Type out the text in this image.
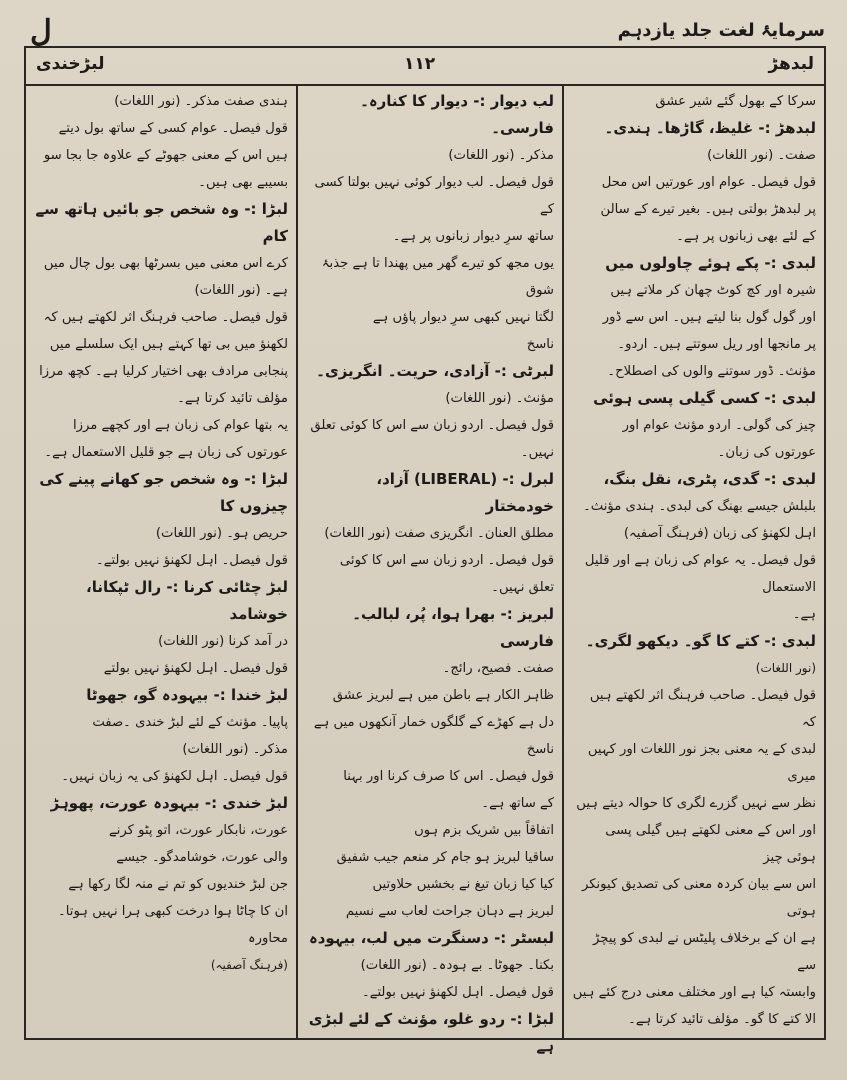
ل	سرمایۂ لغت جلد یازدہم
لبدھڑ
۱۱۲
لبڑخندی

سرکا کے بھول گئے شیر عشق

لبدھڑ :- غلیظ، گاڑھا۔ ہندی۔

صفت۔ (نور اللغات)

قول فیصل۔ عوام اور عورتیں اس محل

پر لبدھڑ بولتی ہیں۔ بغیر تیرے کے سالن

کے لئے بھی زبانوں پر ہے۔

لبدی :- پکے ہوئے چاولوں میں

شیرہ اور کچ کوٹ چھان کر ملاتے ہیں

اور گول گول بنا لیتے ہیں۔ اس سے ڈور

پر مانجھا اور ریل سوتتے ہیں۔ اردو۔

مؤنث۔ ڈور سوتنے والوں کی اصطلاح۔

لبدی :- کسی گیلی پسی ہوئی

چیز کی گولی۔ اردو مؤنث عوام اور

عورتوں کی زبان۔

لبدی :- گدی، پٹری، نقل بنگ،

بلبلش جیسے بھنگ کی لبدی۔ ہندی مؤنث۔

اہل لکھنؤ کی زبان (فرہنگ آصفیہ)

قول فیصل۔ یہ عوام کی زبان ہے اور قلیل الاستعمال

ہے۔

لبدی :- کتے کا گو۔ دیکھو لگری۔

(نور اللغات)

قول فیصل۔ صاحب فرہنگ اثر لکھتے ہیں کہ

لبدی کے یہ معنی بجز نور اللغات اور کہیں میری

نظر سے نہیں گزرے لگری کا حوالہ دیتے ہیں

اور اس کے معنی لکھتے ہیں گیلی پسی ہوئی چیز

اس سے بیان کردہ معنی کی تصدیق کیونکر ہوتی

ہے ان کے برخلاف پلیٹس نے لبدی کو پیچڑ سے

وابستہ کیا ہے اور مختلف معنی درج کئے ہیں

الا کتے کا گو۔ مؤلف تائید کرتا ہے۔

لب دیوار :- دیوار کا کنارہ۔ فارسی۔

مذکر۔ (نور اللغات)

قول فیصل۔ لب دیوار کوئی نہیں بولتا کسی کے

ساتھ سرِ دیوار زبانوں پر ہے۔

یوں مجھ کو تیرے گھر میں پھندا تا ہے جذبۂ شوق

لگتا نہیں کبھی سرِ دیوار پاؤں ہے

ناسخ

لبرٹی :- آزادی، حریت۔ انگریزی۔

مؤنث۔ (نور اللغات)

قول فیصل۔ اردو زبان سے اس کا کوئی تعلق

نہیں۔

لبرل :- (LIBERAL) آزاد، خودمختار

مطلق العنان۔ انگریزی صفت (نور اللغات)

قول فیصل۔ اردو زبان سے اس کا کوئی

تعلق نہیں۔

لبریز :- بھرا ہوا، پُر، لبالب۔ فارسی

صفت۔ فصیح، رائج۔

ظاہر الکار ہے باطن میں ہے لبریز عشق

دل ہے کھڑے کے گلگوں خمار آنکھوں میں ہے ناسخ

قول فیصل۔ اس کا صرف کرنا اور بہنا

کے ساتھ ہے۔

اتفاقاً بیں شریک بزم ہوں

ساقیا لبریز ہو جام کر منعم جیب شفیق

کیا کیا زبان تیغ نے بخشیں حلاوتیں

لبریز ہے دہان جراحت لعاب سے نسیم

لبسٹر :- دسنگرت میں لب، بیہودہ

بکنا۔ جھوٹا۔ بے ہودہ۔ (نور اللغات)

قول فیصل۔ اہل لکھنؤ نہیں بولتے۔

لبڑا :- ردو غلو، مؤنث کے لئے لبڑی ہے

ہندی صفت مذکر۔ (نور اللغات)

قول فیصل۔ عوام کسی کے ساتھ بول دیتے

ہیں اس کے معنی جھوٹے کے علاوہ جا بجا سو

بسیبے بھی ہیں۔

لبڑا :- وہ شخص جو بائیں ہاتھ سے کام

کرے اس معنی میں بسرٹھا بھی بول چال میں

ہے۔ (نور اللغات)

قول فیصل۔ صاحب فرہنگ اثر لکھتے ہیں کہ

لکھنؤ میں بی تھا کہتے ہیں ایک سلسلے میں

پنجابی مرادف بھی اختیار کرلیا ہے۔ کچھ مرزا

مؤلف تائید کرتا ہے۔

یہ بتھا عوام کی زبان ہے اور کچھے مرزا

عورتوں کی زبان ہے جو قلیل الاستعمال ہے۔

لبڑا :- وہ شخص جو کھانے پینے کی چیزوں کا

حریص ہو۔ (نور اللغات)

قول فیصل۔ اہل لکھنؤ نہیں بولتے۔

لبڑ چٹائی کرنا :- رال ٹپکانا، خوشامد

در آمد کرنا (نور اللغات)

قول فیصل۔ اہل لکھنؤ نہیں بولتے

لبڑ خندا :- بیہودہ گو، جھوٹا

پاپیا۔ مؤنث کے لئے لبڑ خندی ۔صفت

مذکر۔ (نور اللغات)

قول فیصل۔ اہل لکھنؤ کی یہ زبان نہیں۔

لبڑ خندی :- بیہودہ عورت، پھوہڑ

عورت، نابکار عورت، اتو پٹو کرنے

والی عورت، خوشامدگو۔ جیسے

جن لبڑ خندیوں کو تم نے منہ لگا رکھا ہے

ان کا چاٹا ہوا درخت کبھی ہرا نہیں ہوتا۔ محاورہ

(فرہنگ آصفیہ)
